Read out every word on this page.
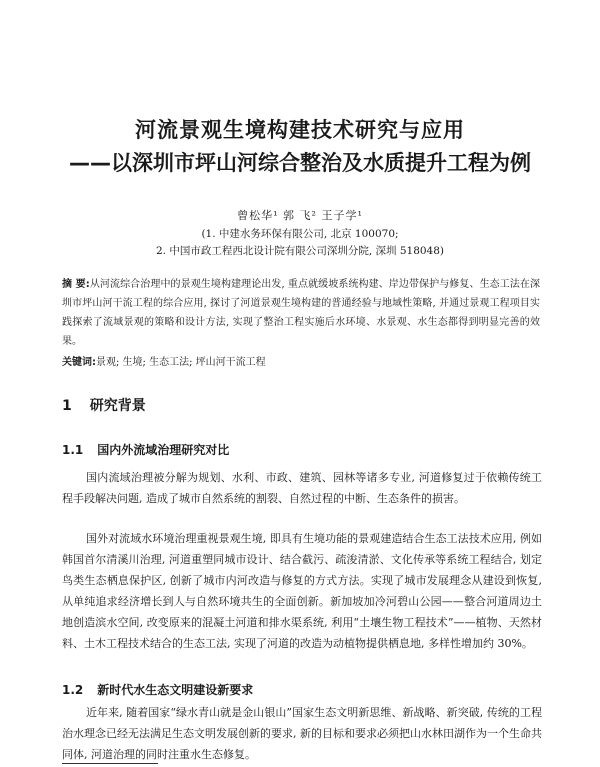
河流景观生境构建技术研究与应用
——以深圳市坪山河综合整治及水质提升工程为例
曾松华¹ 郭 飞² 王子学¹
(1. 中建水务环保有限公司, 北京 100070;
2. 中国市政工程西北设计院有限公司深圳分院, 深圳 518048)
摘 要:从河流综合治理中的景观生境构建理论出发, 重点就缓坡系统构建、岸边带保护与修复、生态工法在深圳市坪山河干流工程的综合应用, 探讨了河道景观生境构建的普通经验与地域性策略, 并通过景观工程项目实践探索了流域景观的策略和设计方法, 实现了整治工程实施后水环境、水景观、水生态都得到明显完善的效果。
关键词:景观; 生境; 生态工法; 坪山河干流工程
1 研究背景
1.1 国内外流域治理研究对比
国内流域治理被分解为规划、水利、市政、建筑、园林等诸多专业, 河道修复过于依赖传统工程手段解决问题, 造成了城市自然系统的割裂、自然过程的中断、生态条件的损害。
国外对流域水环境治理重视景观生境, 即具有生境功能的景观建造结合生态工法技术应用, 例如韩国首尔清溪川治理, 河道重塑同城市设计、结合截污、疏浚清淤、文化传承等系统工程结合, 划定鸟类生态栖息保护区, 创新了城市内河改造与修复的方式方法。实现了城市发展理念从建设到恢复, 从单纯追求经济增长到人与自然环境共生的全面创新。新加坡加冷河碧山公园——整合河道周边土地创造滨水空间, 改变原来的混凝土河道和排水渠系统, 利用“土壤生物工程技术”——植物、天然材料、土木工程技术结合的生态工法, 实现了河道的改造为动植物提供栖息地, 多样性增加约 30%。
1.2 新时代水生态文明建设新要求
近年来, 随着国家“绿水青山就是金山银山”国家生态文明新思维、新战略、新突破, 传统的工程治水理念已经无法满足生态文明发展创新的要求, 新的目标和要求必须把山水林田湖作为一个生命共同体, 河道治理的同时注重水生态修复。
